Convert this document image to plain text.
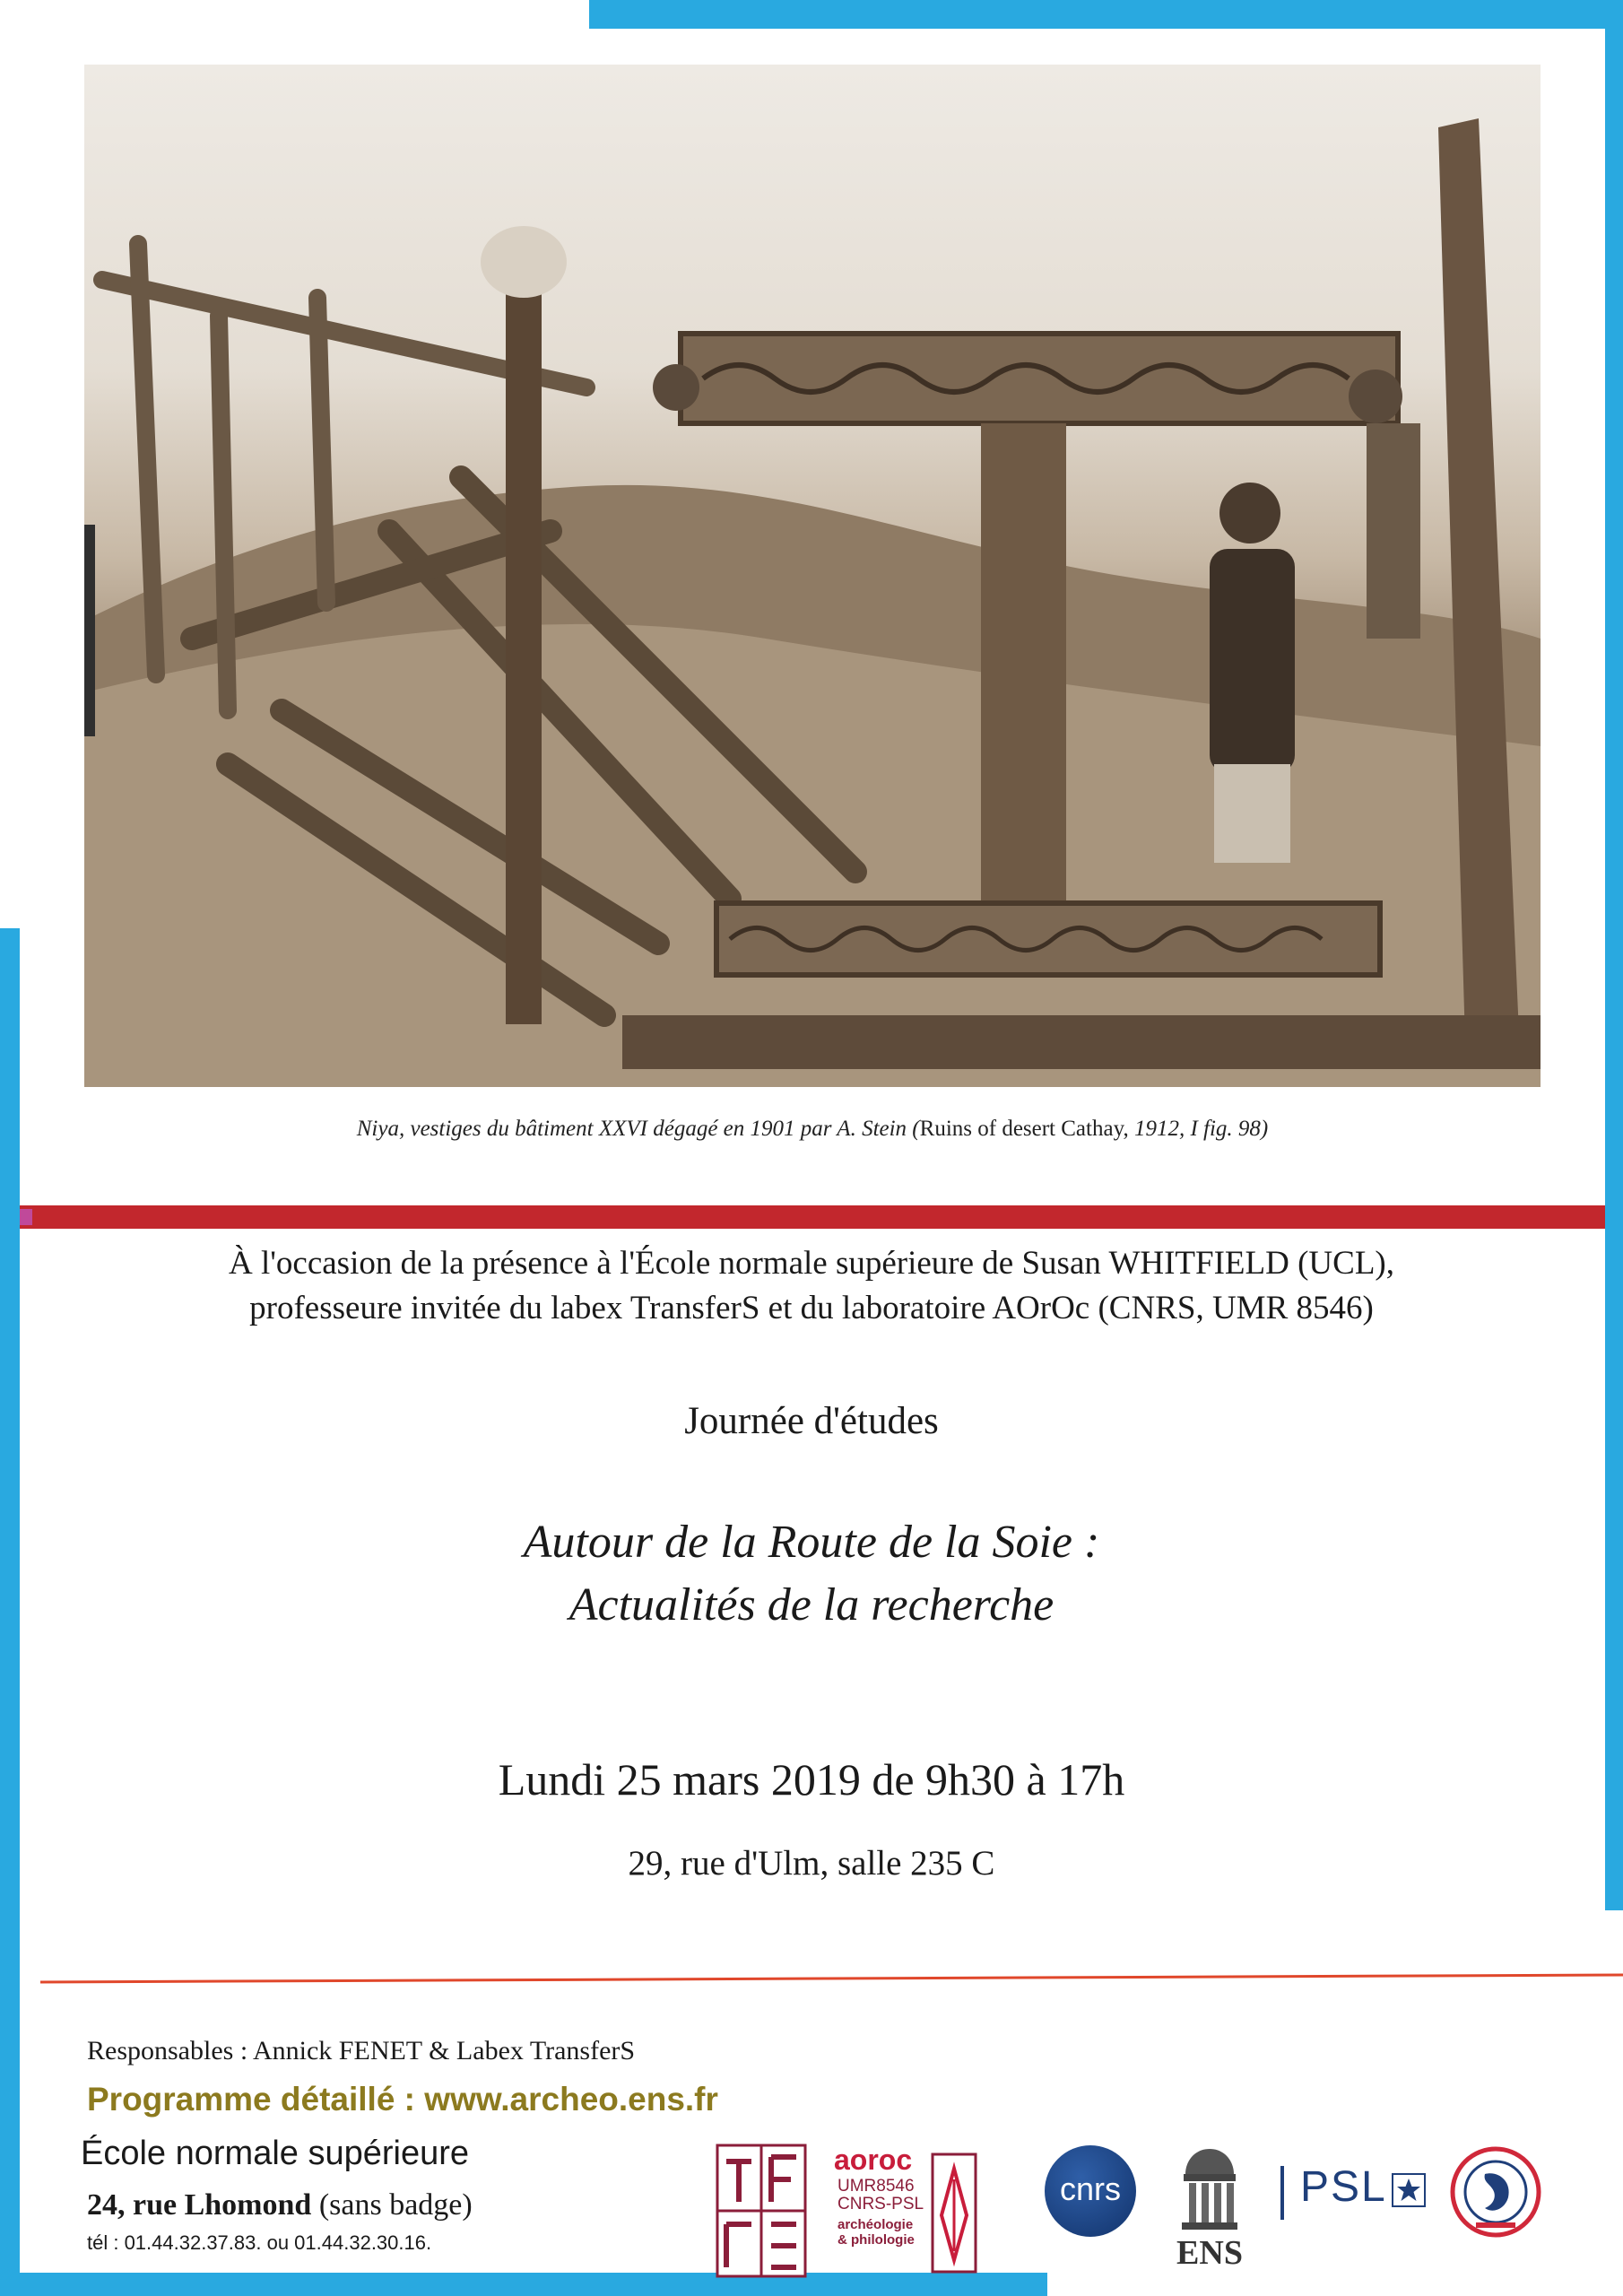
Niya, vestiges du bâtiment XXVI dégagé en 1901 par A. Stein (Ruins of desert Cathay, 1912, I fig. 98)
À l'occasion de la présence à l'École normale supérieure de Susan WHITFIELD (UCL),
professeure invitée du labex TransferS et du laboratoire AOrOc (CNRS, UMR 8546)
Journée d'études
Autour de la Route de la Soie :
Actualités de la recherche
Lundi 25 mars 2019 de 9h30 à 17h
29, rue d'Ulm, salle 235 C
Responsables : Annick FENET & Labex TransferS
Programme détaillé : www.archeo.ens.fr
École normale supérieure
24, rue Lhomond (sans badge)
tél : 01.44.32.37.83. ou 01.44.32.30.16.
aoroc
UMR8546
CNRS-PSL
archéologie
& philologie
cnrs
ENS
PSL
